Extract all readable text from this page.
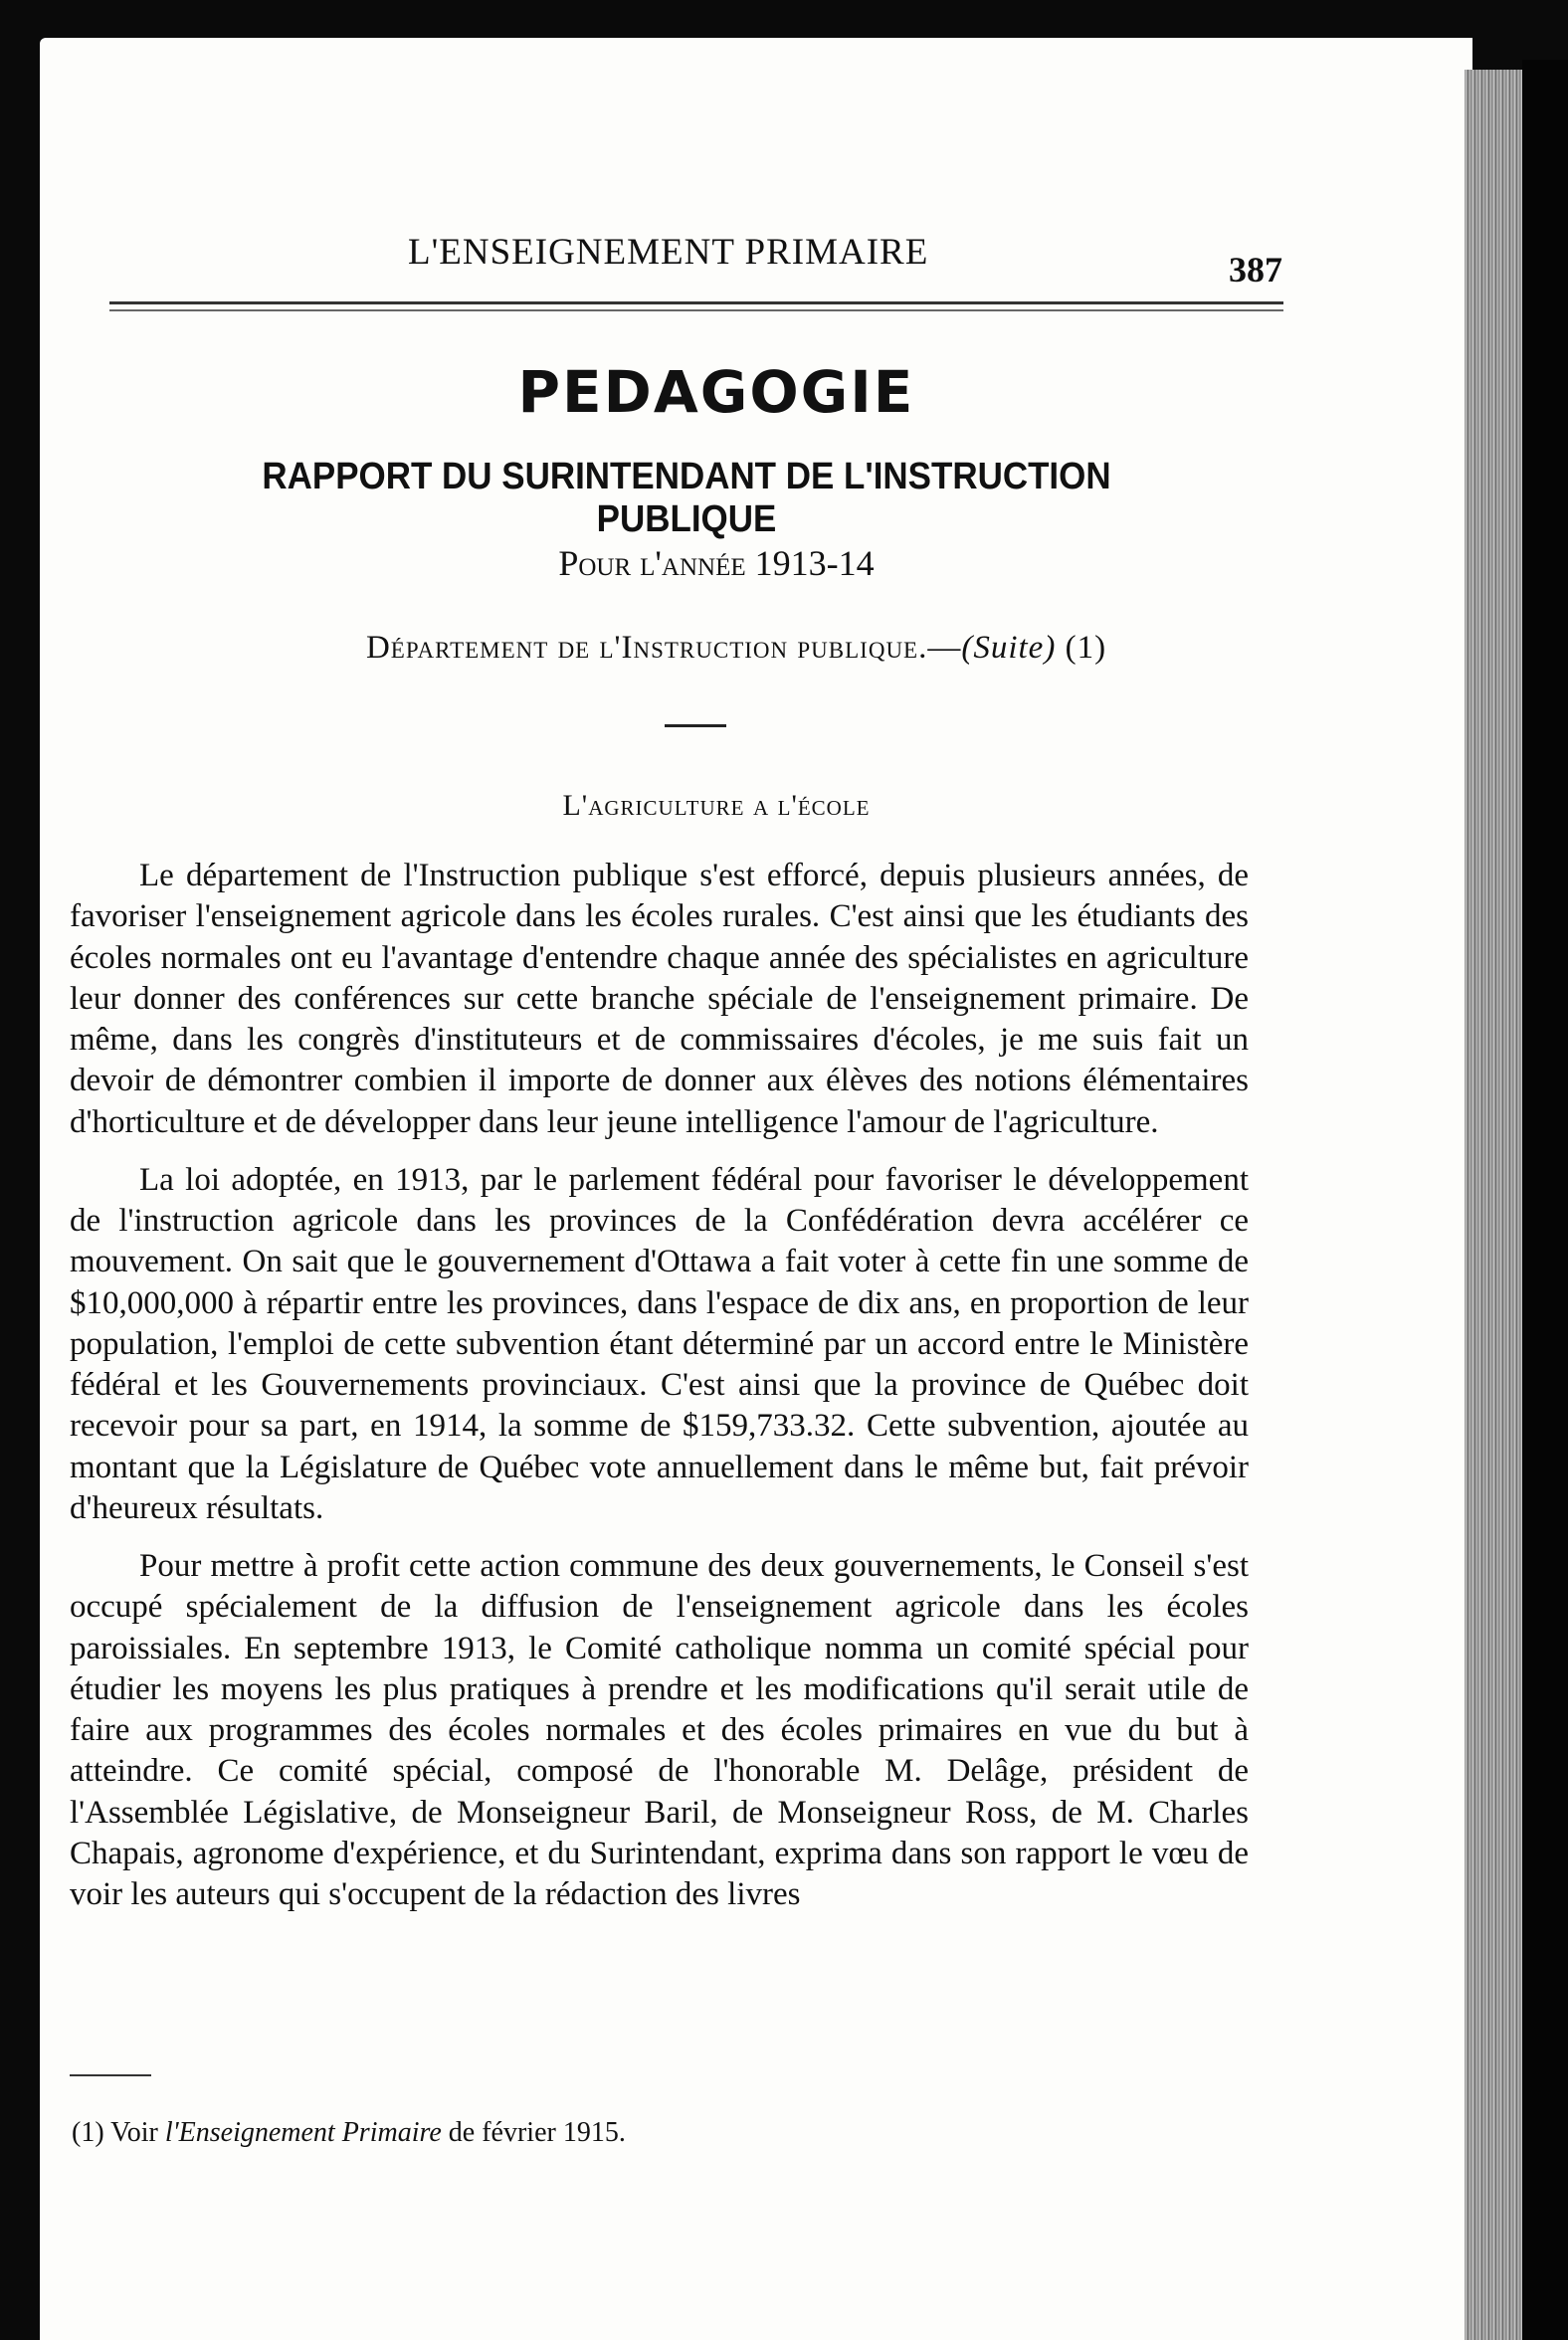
L'ENSEIGNEMENT PRIMAIRE	387
PEDAGOGIE
RAPPORT DU SURINTENDANT DE L'INSTRUCTION PUBLIQUE
Pour l'année 1913-14
Département de l'Instruction publique.—(Suite) (1)
L'agriculture a l'école

Le département de l'Instruction publique s'est efforcé, depuis plusieurs années, de favoriser l'enseignement agricole dans les écoles rurales. C'est ainsi que les étudiants des écoles normales ont eu l'avantage d'entendre chaque année des spécialistes en agriculture leur donner des conférences sur cette branche spéciale de l'enseignement primaire. De même, dans les congrès d'instituteurs et de commissaires d'écoles, je me suis fait un devoir de démontrer combien il importe de donner aux élèves des notions élémentaires d'horticulture et de développer dans leur jeune intelligence l'amour de l'agriculture.

La loi adoptée, en 1913, par le parlement fédéral pour favoriser le développement de l'instruction agricole dans les provinces de la Confédération devra accélérer ce mouvement. On sait que le gouvernement d'Ottawa a fait voter à cette fin une somme de $10,000,000 à répartir entre les provinces, dans l'espace de dix ans, en proportion de leur population, l'emploi de cette subvention étant déterminé par un accord entre le Ministère fédéral et les Gouvernements provinciaux. C'est ainsi que la province de Québec doit recevoir pour sa part, en 1914, la somme de $159,733.32. Cette subvention, ajoutée au montant que la Législature de Québec vote annuellement dans le même but, fait prévoir d'heureux résultats.

Pour mettre à profit cette action commune des deux gouvernements, le Conseil s'est occupé spécialement de la diffusion de l'enseignement agricole dans les écoles paroissiales. En septembre 1913, le Comité catholique nomma un comité spécial pour étudier les moyens les plus pratiques à prendre et les modifications qu'il serait utile de faire aux programmes des écoles normales et des écoles primaires en vue du but à atteindre. Ce comité spécial, composé de l'honorable M. Delâge, président de l'Assemblée Législative, de Monseigneur Baril, de Monseigneur Ross, de M. Charles Chapais, agronome d'expérience, et du Surintendant, exprima dans son rapport le vœu de voir les auteurs qui s'occupent de la rédaction des livres

(1) Voir l'Enseignement Primaire de février 1915.
